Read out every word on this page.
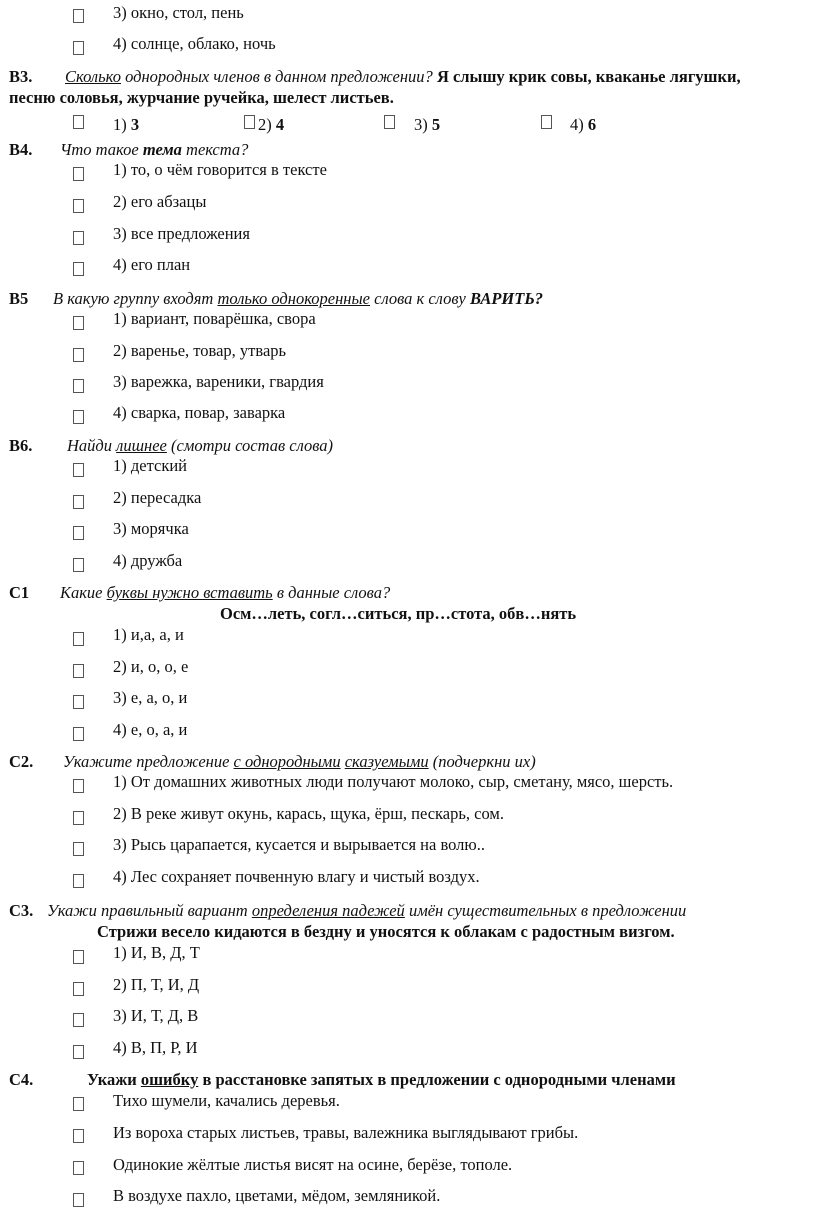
3) окно, стол, пень
4) солнце, облако, ночь
В3. Сколько однородных членов в данном предложении? Я слышу крик совы, кваканье лягушки,
песню соловья, журчание ручейка, шелест листьев.
1) 3	2) 4	3) 5	4) 6
В4. Что такое тема текста?
1) то, о чём говорится в тексте
2) его абзацы
3) все предложения
4) его план
В5 В какую группу входят только однокоренные слова к слову ВАРИТЬ?
1) вариант, поварёшка, свора
2) варенье, товар, утварь
3) варежка, вареники, гвардия
4) сварка, повар, заварка
В6. Найди лишнее (смотри состав слова)
1) детский
2) пересадка
3) морячка
4) дружба
С1 Какие буквы нужно вставить в данные слова?
Осм…леть, согл…ситься, пр…стота, обв…нять
1) и,а, а, и
2) и, о, о, е
3) е, а, о, и
4) е, о, а, и
С2. Укажите предложение с однородными сказуемыми (подчеркни их)
1) От домашних животных люди получают молоко, сыр, сметану, мясо, шерсть.
2) В реке живут окунь, карась, щука, ёрш, пескарь, сом.
3) Рысь царапается, кусается и вырывается на волю..
4) Лес сохраняет почвенную влагу и чистый воздух.
С3. Укажи правильный вариант определения падежей имён существительных в предложении
Стрижи весело кидаются в бездну и уносятся к облакам с радостным визгом.
1) И, В, Д, Т
2) П, Т, И, Д
3) И, Т, Д, В
4) В, П, Р, И
С4.	Укажи ошибку в расстановке запятых в предложении с однородными членами
Тихо шумели, качались деревья.
Из вороха старых листьев, травы, валежника выглядывают грибы.
Одинокие жёлтые листья висят на осине, берёзе, тополе.
В воздухе пахло, цветами, мёдом, земляникой.
